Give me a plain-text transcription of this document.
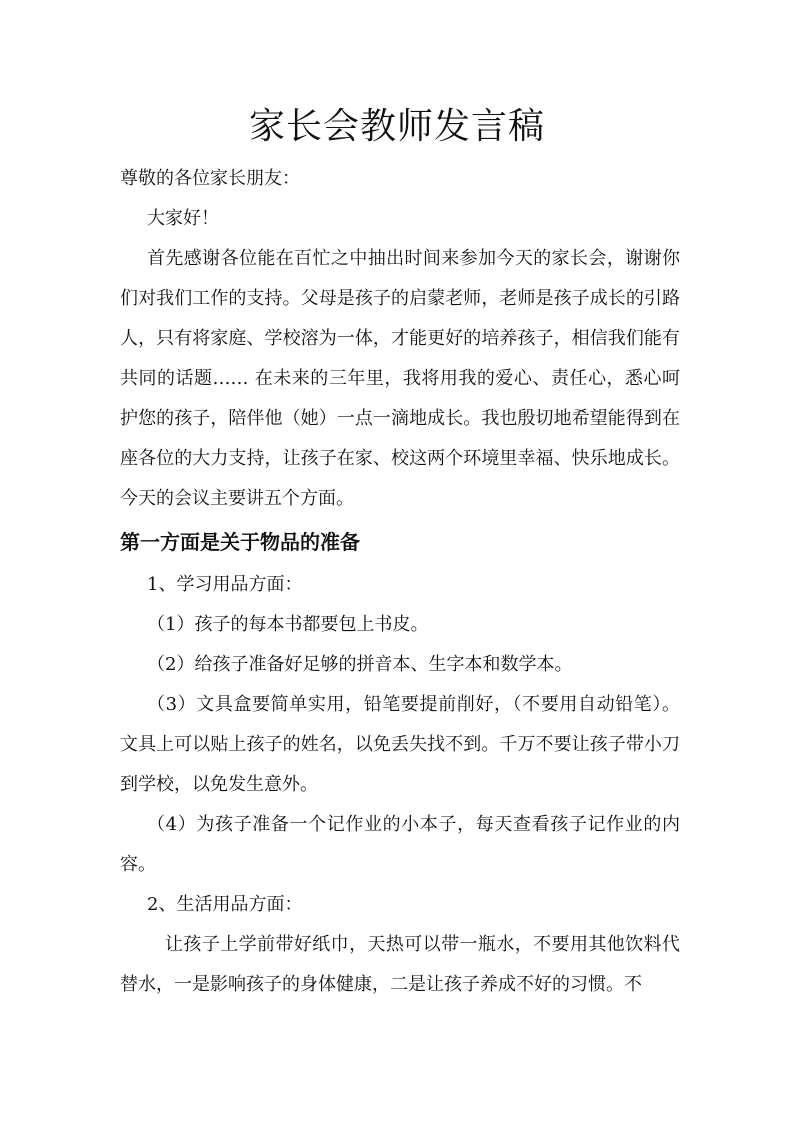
家长会教师发言稿

尊敬的各位家长朋友：

大家好！

首先感谢各位能在百忙之中抽出时间来参加今天的家长会，谢谢你们对我们工作的支持。父母是孩子的启蒙老师，老师是孩子成长的引路人，只有将家庭、学校溶为一体，才能更好的培养孩子，相信我们能有共同的话题…… 在未来的三年里，我将用我的爱心、责任心，悉心呵护您的孩子，陪伴他（她）一点一滴地成长。我也殷切地希望能得到在座各位的大力支持，让孩子在家、校这两个环境里幸福、快乐地成长。今天的会议主要讲五个方面。

第一方面是关于物品的准备

1、学习用品方面：

（1）孩子的每本书都要包上书皮。

（2）给孩子准备好足够的拼音本、生字本和数学本。

（3）文具盒要简单实用，铅笔要提前削好，（不要用自动铅笔）。文具上可以贴上孩子的姓名，以免丢失找不到。千万不要让孩子带小刀到学校，以免发生意外。

（4）为孩子准备一个记作业的小本子，每天查看孩子记作业的内容。

2、生活用品方面：

让孩子上学前带好纸巾，天热可以带一瓶水，不要用其他饮料代替水，一是影响孩子的身体健康，二是让孩子养成不好的习惯。不
